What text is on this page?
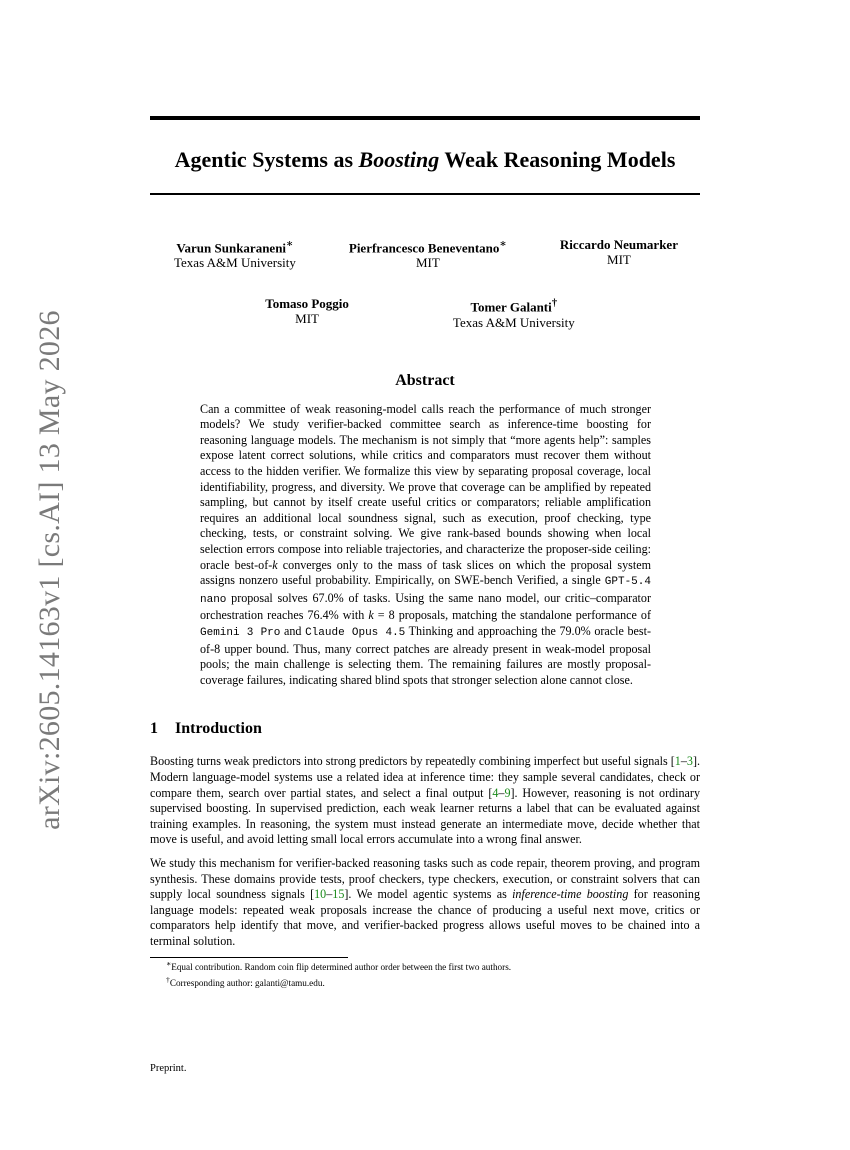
arXiv:2605.14163v1 [cs.AI] 13 May 2026
Agentic Systems as Boosting Weak Reasoning Models
Varun Sunkaraneni∗
Texas A&M University
Pierfrancesco Beneventano∗
MIT
Riccardo Neumarker
MIT
Tomaso Poggio
MIT
Tomer Galanti†
Texas A&M University
Abstract
Can a committee of weak reasoning-model calls reach the performance of much stronger models? We study verifier-backed committee search as inference-time boosting for reasoning language models. The mechanism is not simply that “more agents help”: samples expose latent correct solutions, while critics and comparators must recover them without access to the hidden verifier. We formalize this view by separating proposal coverage, local identifiability, progress, and diversity. We prove that coverage can be amplified by repeated sampling, but cannot by itself create useful critics or comparators; reliable amplification requires an additional local soundness signal, such as execution, proof checking, type checking, tests, or constraint solving. We give rank-based bounds showing when local selection errors compose into reliable trajectories, and characterize the proposer-side ceiling: oracle best-of-k converges only to the mass of task slices on which the proposal system assigns nonzero useful probability. Empirically, on SWE-bench Verified, a single GPT-5.4 nano proposal solves 67.0% of tasks. Using the same nano model, our critic–comparator orchestration reaches 76.4% with k = 8 proposals, matching the standalone performance of Gemini 3 Pro and Claude Opus 4.5 Thinking and approaching the 79.0% oracle best-of-8 upper bound. Thus, many correct patches are already present in weak-model proposal pools; the main challenge is selecting them. The remaining failures are mostly proposal-coverage failures, indicating shared blind spots that stronger selection alone cannot close.
1 Introduction
Boosting turns weak predictors into strong predictors by repeatedly combining imperfect but useful signals [1–3]. Modern language-model systems use a related idea at inference time: they sample several candidates, check or compare them, search over partial states, and select a final output [4–9]. However, reasoning is not ordinary supervised boosting. In supervised prediction, each weak learner returns a label that can be evaluated against training examples. In reasoning, the system must instead generate an intermediate move, decide whether that move is useful, and avoid letting small local errors accumulate into a wrong final answer.
We study this mechanism for verifier-backed reasoning tasks such as code repair, theorem proving, and program synthesis. These domains provide tests, proof checkers, type checkers, execution, or constraint solvers that can supply local soundness signals [10–15]. We model agentic systems as inference-time boosting for reasoning language models: repeated weak proposals increase the chance of producing a useful next move, critics or comparators help identify that move, and verifier-backed progress allows useful moves to be chained into a terminal solution.
∗Equal contribution. Random coin flip determined author order between the first two authors.
†Corresponding author: galanti@tamu.edu.
Preprint.
